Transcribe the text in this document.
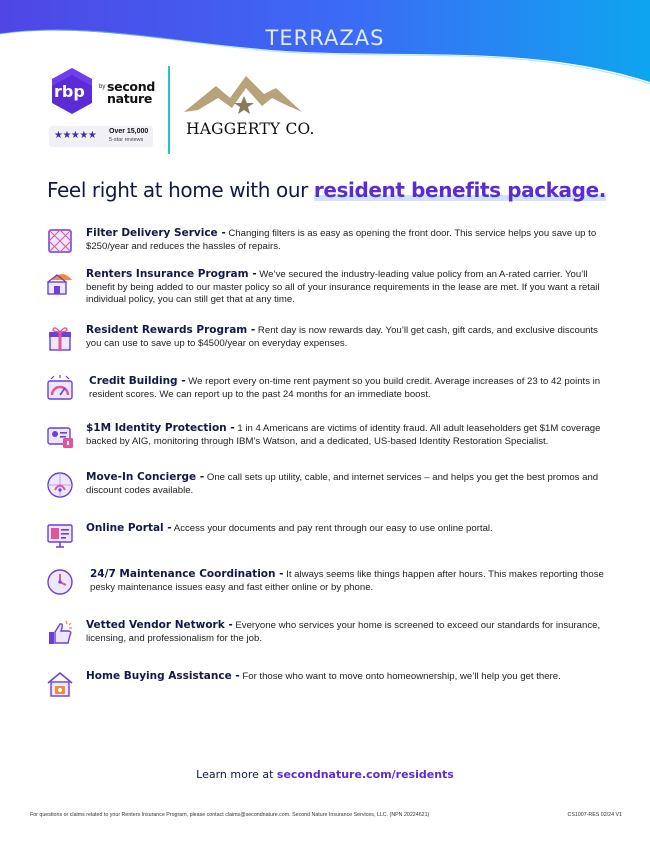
TERRAZAS
rbp by second
nature
★★★★★ Over 15,000
5-star reviews
HAGGERTY CO.
Feel right at home with our resident benefits package.
Filter Delivery Service - Changing filters is as easy as opening the front door. This service helps you save up to $250/year and reduces the hassles of repairs.
Renters Insurance Program - We’ve secured the industry-leading value policy from an A-rated carrier. You’ll benefit by being added to our master policy so all of your insurance requirements in the lease are met. If you want a retail individual policy, you can still get that at any time.
Resident Rewards Program - Rent day is now rewards day. You’ll get cash, gift cards, and exclusive discounts you can use to save up to $4500/year on everyday expenses.
Credit Building - We report every on-time rent payment so you build credit. Average increases of 23 to 42 points in resident scores. We can report up to the past 24 months for an immediate boost.
$1M Identity Protection - 1 in 4 Americans are victims of identity fraud. All adult leaseholders get $1M coverage backed by AIG, monitoring through IBM’s Watson, and a dedicated, US-based Identity Restoration Specialist.
Move-In Concierge - One call sets up utility, cable, and internet services – and helps you get the best promos and discount codes available.
Online Portal - Access your documents and pay rent through our easy to use online portal.
24/7 Maintenance Coordination - It always seems like things happen after hours. This makes reporting those pesky maintenance issues easy and fast either online or by phone.
Vetted Vendor Network - Everyone who services your home is screened to exceed our standards for insurance, licensing, and professionalism for the job.
Home Buying Assistance - For those who want to move onto homeownership, we’ll help you get there.
Learn more at secondnature.com/residents
For questions or claims related to your Renters Insurance Program, please contact claims@secondnature.com. Second Nature Insurance Services, LLC. (NPN 20224621)	CS1007-RES 02/24 V1
